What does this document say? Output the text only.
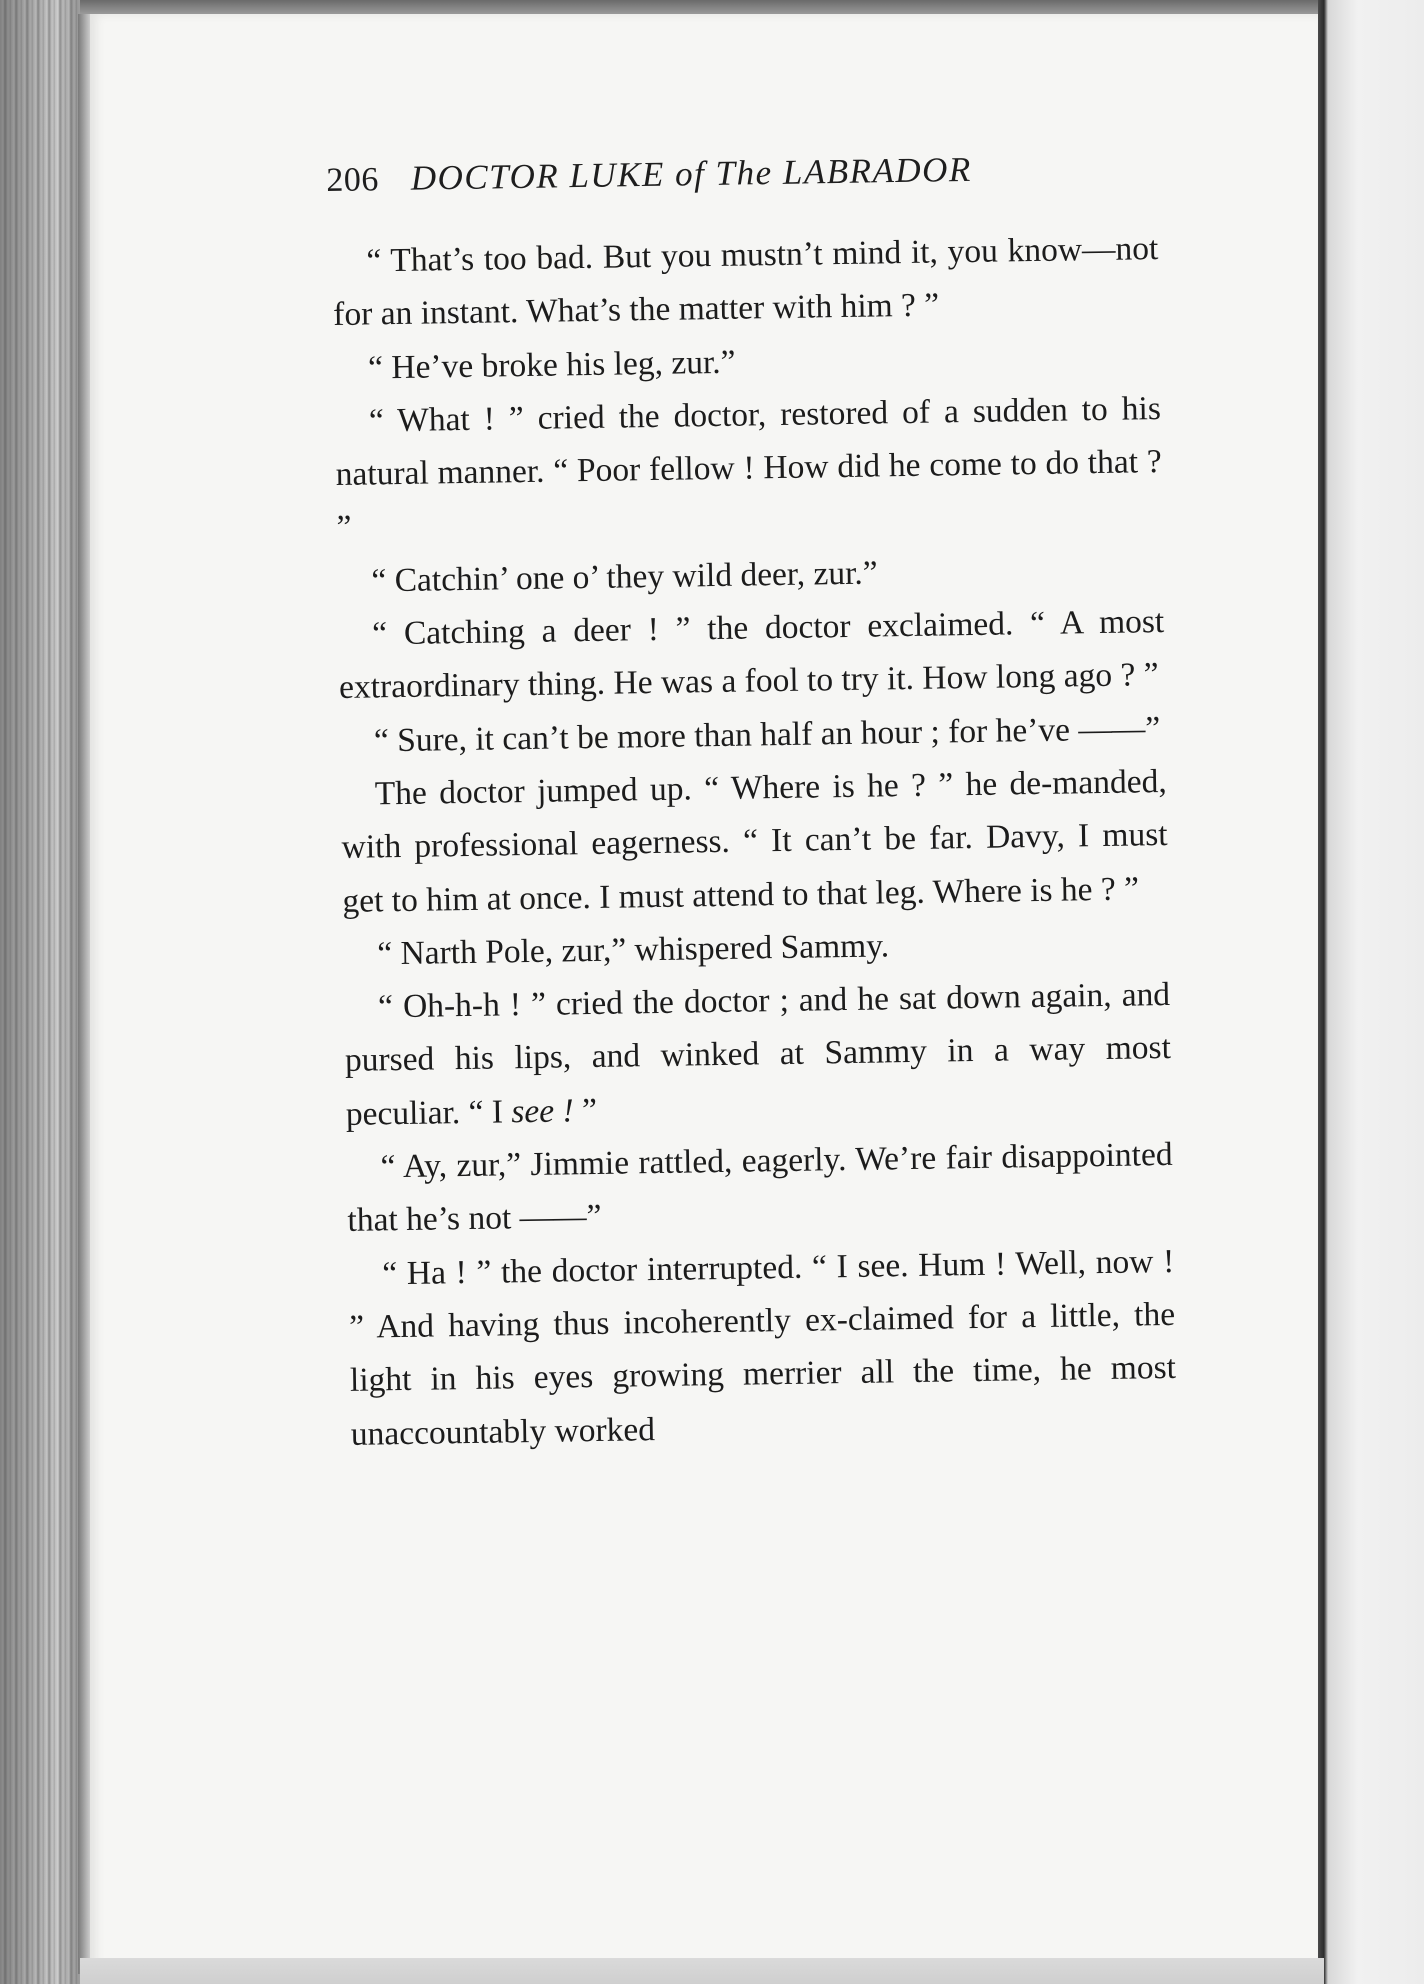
206 DOCTOR LUKE of The LABRADOR

“ That’s too bad. But you mustn’t mind it, you know—not for an instant. What’s the matter with him ? ”

“ He’ve broke his leg, zur.”

“ What ! ” cried the doctor, restored of a sudden to his natural manner. “ Poor fellow ! How did he come to do that ? ”

“ Catchin’ one o’ they wild deer, zur.”

“ Catching a deer ! ” the doctor exclaimed. “ A most extraordinary thing. He was a fool to try it. How long ago ? ”

“ Sure, it can’t be more than half an hour ; for he’ve ——”

The doctor jumped up. “ Where is he ? ” he de-manded, with professional eagerness. “ It can’t be far. Davy, I must get to him at once. I must attend to that leg. Where is he ? ”

“ Narth Pole, zur,” whispered Sammy.

“ Oh-h-h ! ” cried the doctor ; and he sat down again, and pursed his lips, and winked at Sammy in a way most peculiar. “ I see ! ”

“ Ay, zur,” Jimmie rattled, eagerly. We’re fair disappointed that he’s not ——”

“ Ha ! ” the doctor interrupted. “ I see. Hum ! Well, now ! ” And having thus incoherently ex-claimed for a little, the light in his eyes growing merrier all the time, he most unaccountably worked
